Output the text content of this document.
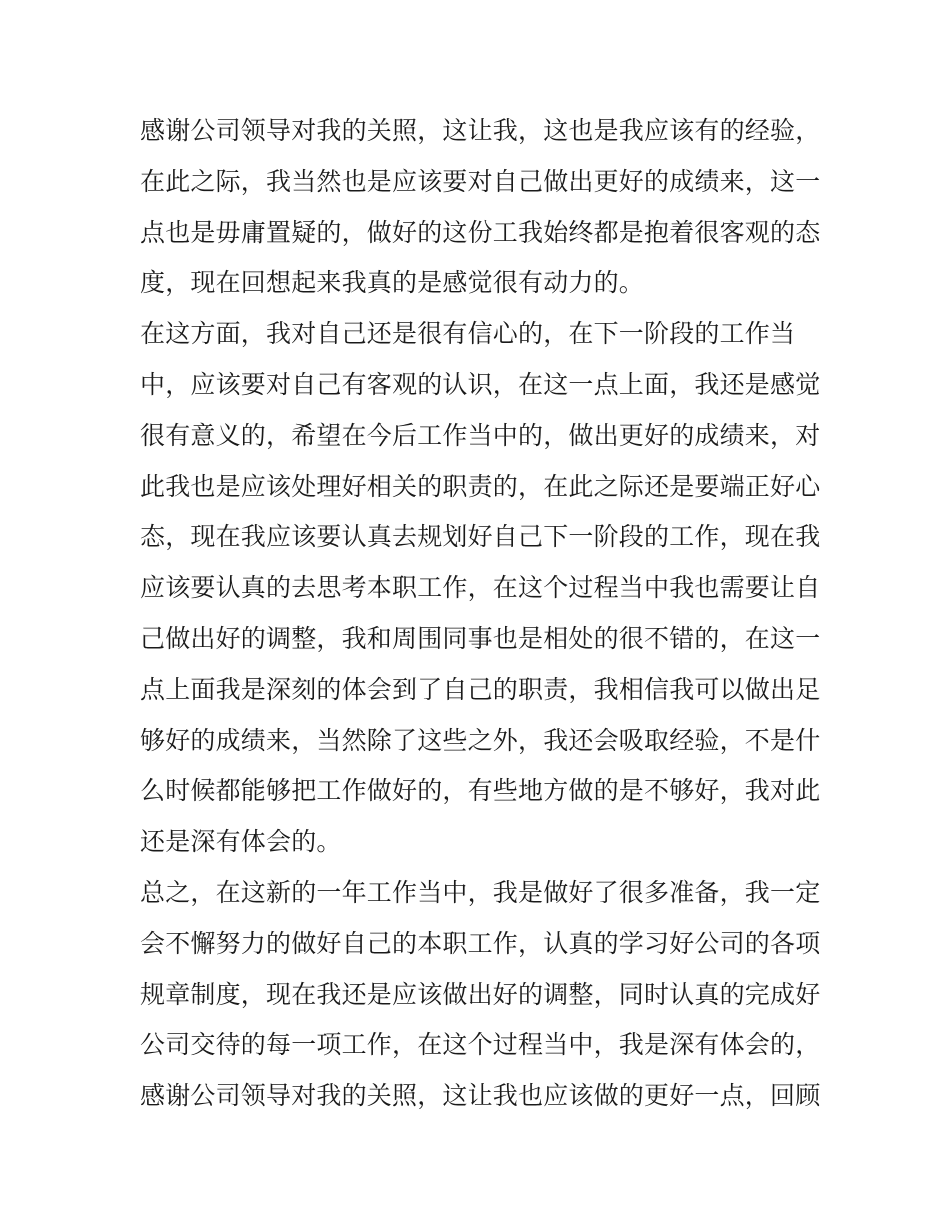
感谢公司领导对我的关照，这让我，这也是我应该有的经验，
在此之际，我当然也是应该要对自己做出更好的成绩来，这一
点也是毋庸置疑的，做好的这份工我始终都是抱着很客观的态
度，现在回想起来我真的是感觉很有动力的。
在这方面，我对自己还是很有信心的，在下一阶段的工作当
中，应该要对自己有客观的认识，在这一点上面，我还是感觉
很有意义的，希望在今后工作当中的，做出更好的成绩来，对
此我也是应该处理好相关的职责的，在此之际还是要端正好心
态，现在我应该要认真去规划好自己下一阶段的工作，现在我
应该要认真的去思考本职工作，在这个过程当中我也需要让自
己做出好的调整，我和周围同事也是相处的很不错的，在这一
点上面我是深刻的体会到了自己的职责，我相信我可以做出足
够好的成绩来，当然除了这些之外，我还会吸取经验，不是什
么时候都能够把工作做好的，有些地方做的是不够好，我对此
还是深有体会的。
总之，在这新的一年工作当中，我是做好了很多准备，我一定
会不懈努力的做好自己的本职工作，认真的学习好公司的各项
规章制度，现在我还是应该做出好的调整，同时认真的完成好
公司交待的每一项工作，在这个过程当中，我是深有体会的，
感谢公司领导对我的关照，这让我也应该做的更好一点，回顾
